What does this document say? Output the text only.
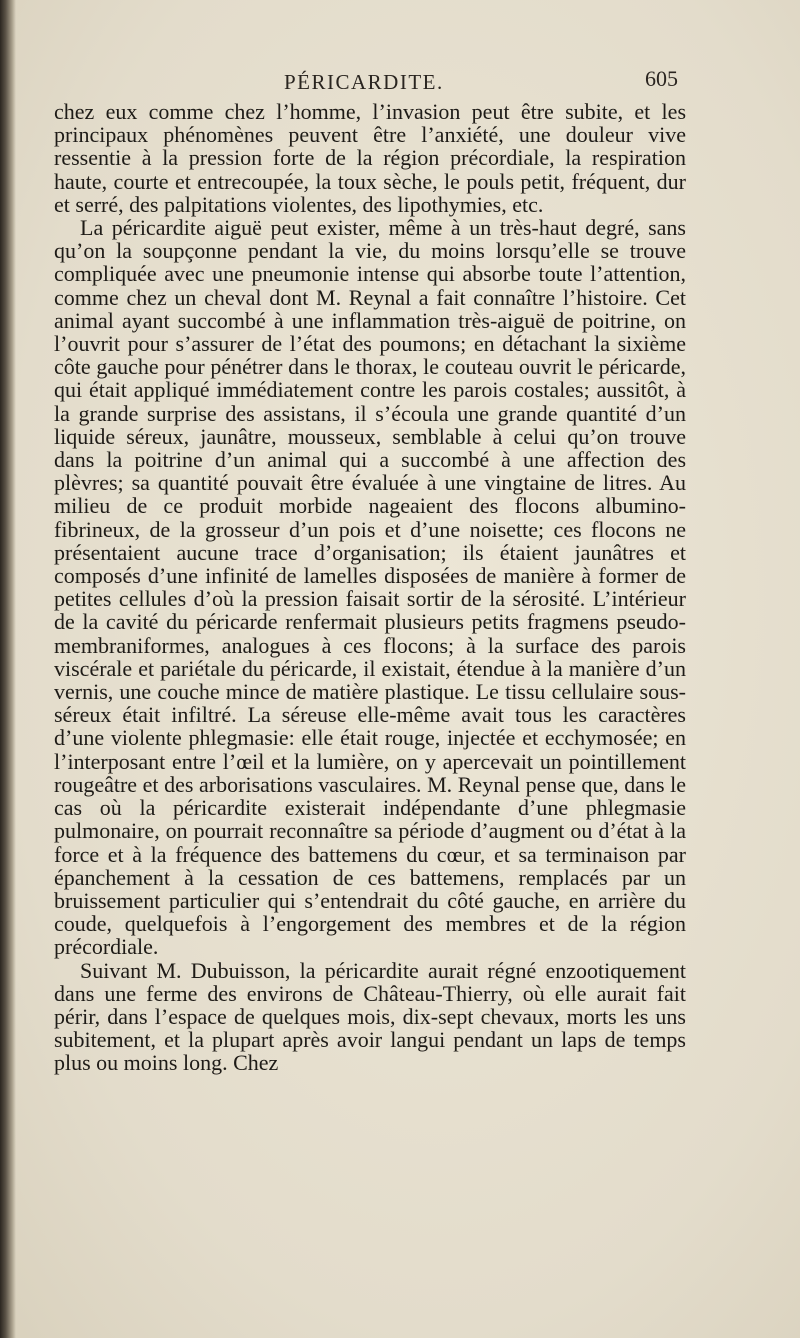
PÉRICARDITE.	605

chez eux comme chez l’homme, l’invasion peut être subite, et les principaux phénomènes peuvent être l’anxiété, une douleur vive ressentie à la pression forte de la région précordiale, la respiration haute, courte et entrecoupée, la toux sèche, le pouls petit, fréquent, dur et serré, des palpitations violentes, des lipothymies, etc.

La péricardite aiguë peut exister, même à un très-haut degré, sans qu’on la soupçonne pendant la vie, du moins lorsqu’elle se trouve compliquée avec une pneumonie intense qui absorbe toute l’attention, comme chez un cheval dont M. Reynal a fait connaître l’histoire. Cet animal ayant succombé à une inflammation très-aiguë de poitrine, on l’ouvrit pour s’assurer de l’état des poumons; en détachant la sixième côte gauche pour pénétrer dans le thorax, le couteau ouvrit le péricarde, qui était appliqué immédiatement contre les parois costales; aussitôt, à la grande surprise des assistans, il s’écoula une grande quantité d’un liquide séreux, jaunâtre, mousseux, semblable à celui qu’on trouve dans la poitrine d’un animal qui a succombé à une affection des plèvres; sa quantité pouvait être évaluée à une vingtaine de litres. Au milieu de ce produit morbide nageaient des flocons albumino-fibrineux, de la grosseur d’un pois et d’une noisette; ces flocons ne présentaient aucune trace d’organisation; ils étaient jaunâtres et composés d’une infinité de lamelles disposées de manière à former de petites cellules d’où la pression faisait sortir de la sérosité. L’intérieur de la cavité du péricarde renfermait plusieurs petits fragmens pseudo-membraniformes, analogues à ces flocons; à la surface des parois viscérale et pariétale du péricarde, il existait, étendue à la manière d’un vernis, une couche mince de matière plastique. Le tissu cellulaire sous-séreux était infiltré. La séreuse elle-même avait tous les caractères d’une violente phlegmasie: elle était rouge, injectée et ecchymosée; en l’interposant entre l’œil et la lumière, on y apercevait un pointillement rougeâtre et des arborisations vasculaires. M. Reynal pense que, dans le cas où la péricardite existerait indépendante d’une phlegmasie pulmonaire, on pourrait reconnaître sa période d’augment ou d’état à la force et à la fréquence des battemens du cœur, et sa terminaison par épanchement à la cessation de ces battemens, remplacés par un bruissement particulier qui s’entendrait du côté gauche, en arrière du coude, quelquefois à l’engorgement des membres et de la région précordiale.

Suivant M. Dubuisson, la péricardite aurait régné enzootiquement dans une ferme des environs de Château-Thierry, où elle aurait fait périr, dans l’espace de quelques mois, dix-sept chevaux, morts les uns subitement, et la plupart après avoir langui pendant un laps de temps plus ou moins long. Chez
